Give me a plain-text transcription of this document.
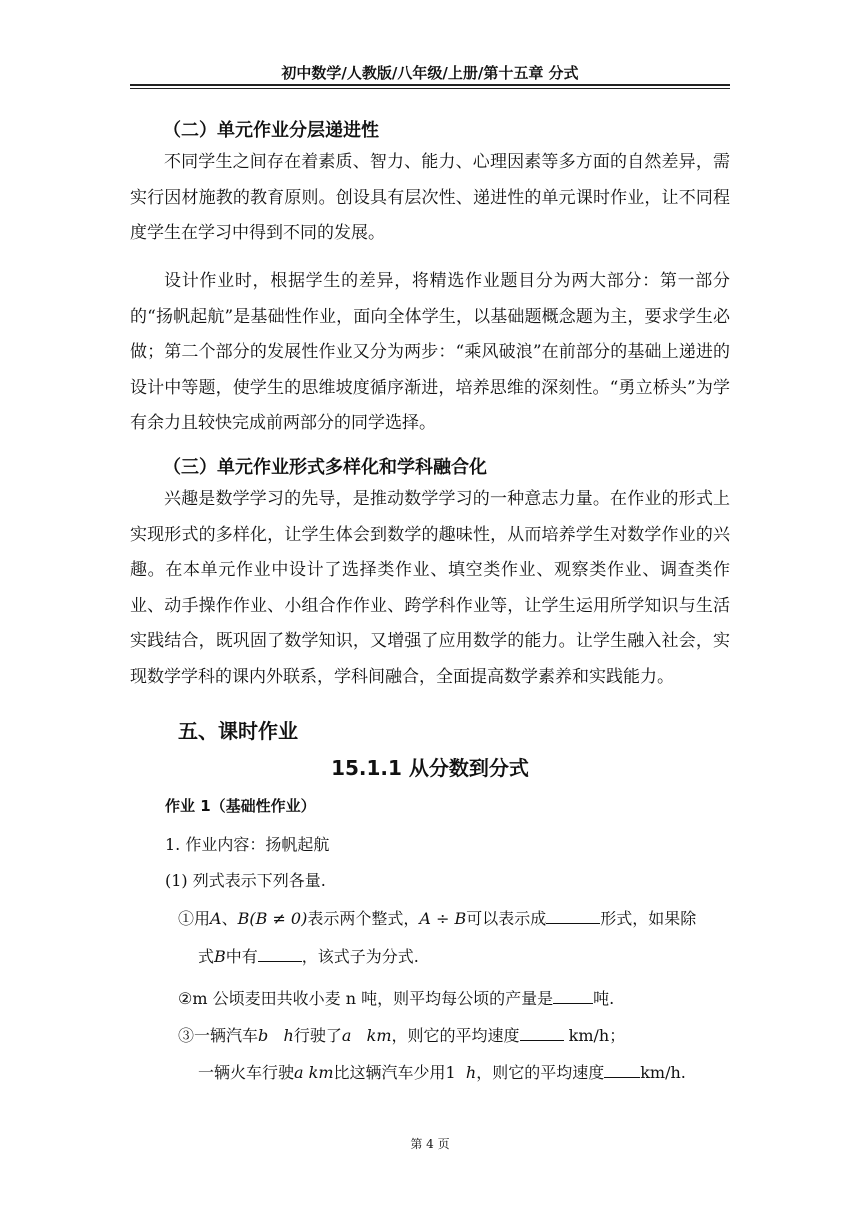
初中数学/人教版/八年级/上册/第十五章 分式
（二）单元作业分层递进性

不同学生之间存在着素质、智力、能力、心理因素等多方面的自然差异，需实行因材施教的教育原则。创设具有层次性、递进性的单元课时作业，让不同程度学生在学习中得到不同的发展。

设计作业时，根据学生的差异，将精选作业题目分为两大部分：第一部分的“扬帆起航”是基础性作业，面向全体学生，以基础题概念题为主，要求学生必做；第二个部分的发展性作业又分为两步：“乘风破浪”在前部分的基础上递进的设计中等题，使学生的思维坡度循序渐进，培养思维的深刻性。“勇立桥头”为学有余力且较快完成前两部分的同学选择。

（三）单元作业形式多样化和学科融合化

兴趣是数学学习的先导，是推动数学学习的一种意志力量。在作业的形式上实现形式的多样化，让学生体会到数学的趣味性，从而培养学生对数学作业的兴趣。在本单元作业中设计了选择类作业、填空类作业、观察类作业、调查类作业、动手操作作业、小组合作作业、跨学科作业等，让学生运用所学知识与生活实践结合，既巩固了数学知识，又增强了应用数学的能力。让学生融入社会，实现数学学科的课内外联系，学科间融合，全面提高数学素养和实践能力。

五、课时作业
15.1.1 从分数到分式
作业 1（基础性作业）
1. 作业内容：扬帆起航
(1) 列式表示下列各量.
①用A、B(B ≠ 0)表示两个整式，A ÷ B可以表示成	形式，如果除
式B中有	，该式子为分式.
②m 公顷麦田共收小麦 n 吨，则平均每公顷的产量是	吨.
③一辆汽车b h行驶了a km，则它的平均速度	km/h；
一辆火车行驶a km比这辆汽车少用1 h，则它的平均速度 km/h.
第 4 页
